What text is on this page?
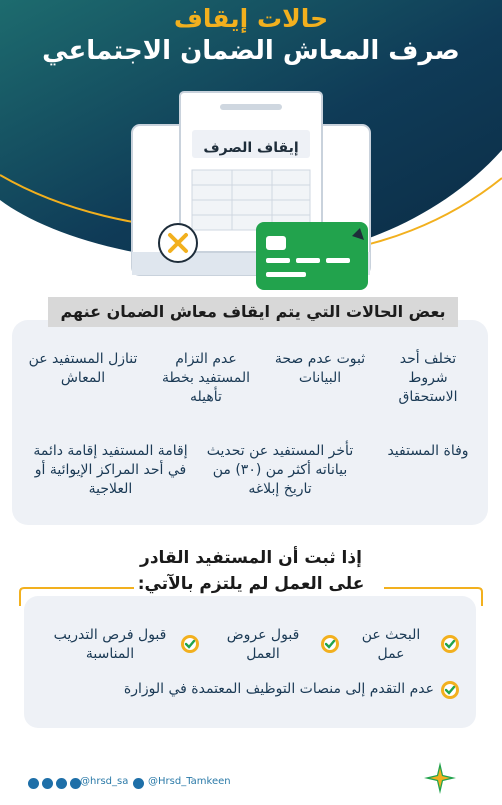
حالات إيقاف
صرف المعاش الضمان الاجتماعي
إيقاف الصرف
بعض الحالات التي يتم ايقاف معاش الضمان عنهم
تخلف أحد شروط الاستحقاق
ثبوت عدم صحة البيانات
عدم التزام المستفيد بخطة تأهيله
تنازل المستفيد عن المعاش
وفاة المستفيد
تأخر المستفيد عن تحديث بياناته أكثر من (٣٠) من تاريخ إبلاغه
إقامة المستفيد إقامة دائمة في أحد المراكز الإيوائية أو العلاجية
إذا ثبت أن المستفيد القادر
على العمل لم يلتزم بالآتي:
البحث عن عمل
قبول عروض العمل
قبول فرص التدريب المناسبة
عدم التقدم إلى منصات التوظيف المعتمدة في الوزارة
@hrsd_sa @Hrsd_Tamkeen
